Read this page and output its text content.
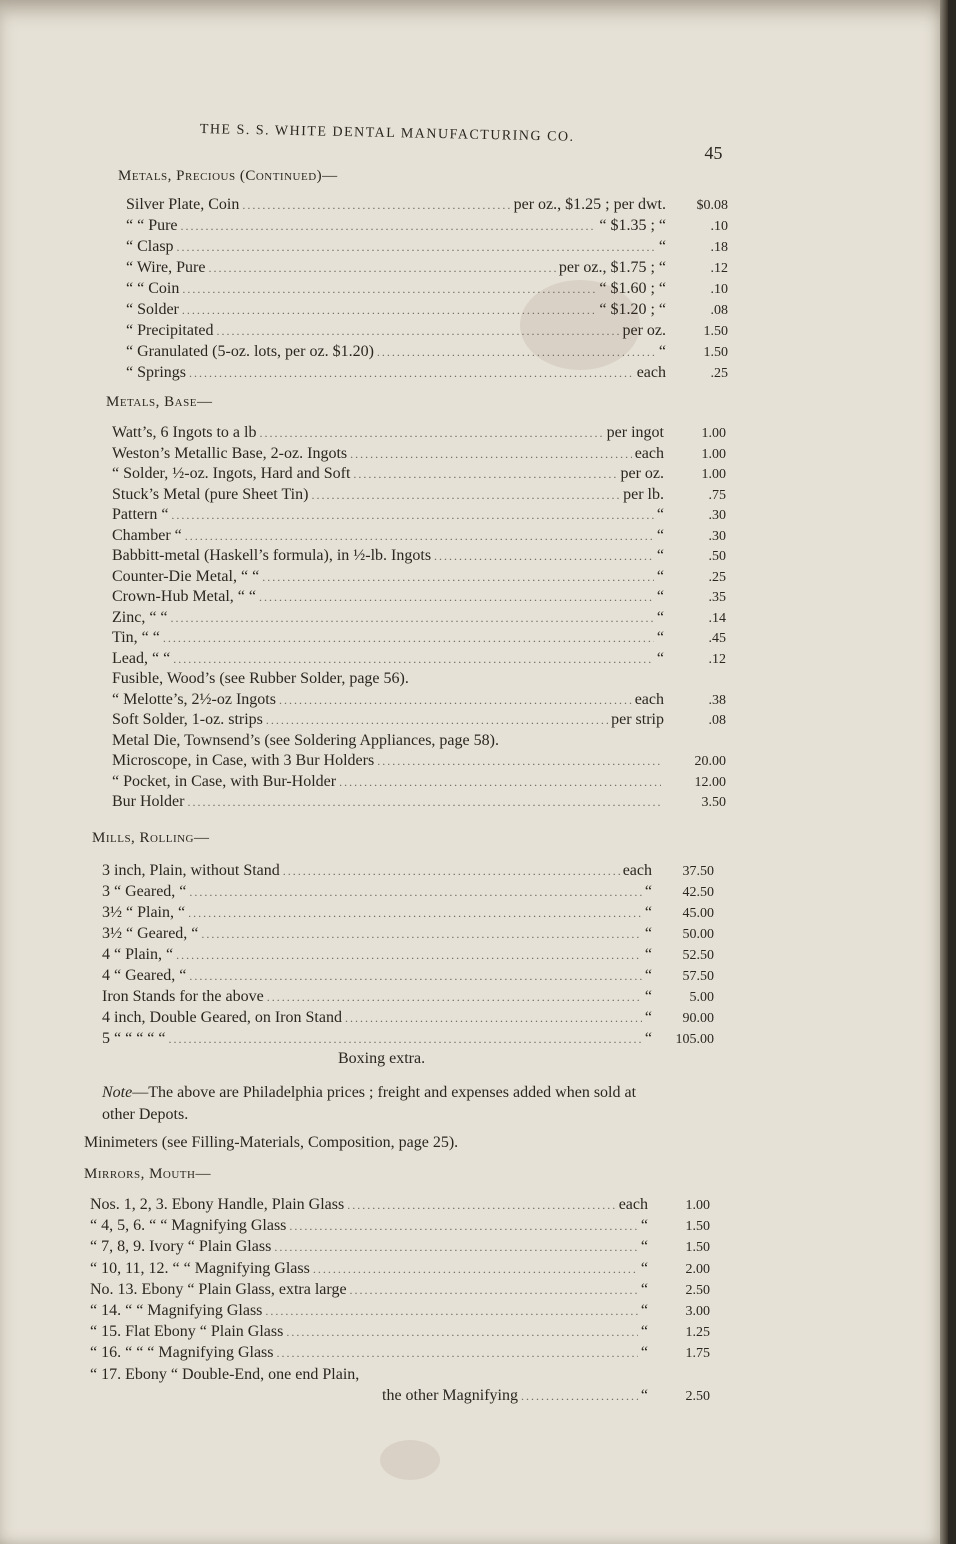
THE S. S. WHITE DENTAL MANUFACTURING CO.
45
Metals, Precious (Continued)—
Silver Plate, Coin .....	per oz., $1.25 ; per dwt.	$0.08
“ “ Pure .....	“ $1.35 ; “	.10
“ Clasp .....	“	.18
“ Wire, Pure .....	per oz., $1.75 ; “	.12
“ “ Coin .....	“ $1.60 ; “	.10
“ Solder .....	“ $1.20 ; “	.08
“ Precipitated .....	per oz.	1.50
“ Granulated (5-oz. lots, per oz. $1.20) .....	“	1.50
“ Springs .....	each	.25
Metals, Base—
Watt’s, 6 Ingots to a lb .....	per ingot	1.00
Weston’s Metallic Base, 2-oz. Ingots .....	each	1.00
“ Solder, ½-oz. Ingots, Hard and Soft .....	per oz.	1.00
Stuck’s Metal (pure Sheet Tin) .....	per lb.	.75
Pattern “ .....	“	.30
Chamber “ .....	“	.30
Babbitt-metal (Haskell’s formula), in ½-lb. Ingots .....	“	.50
Counter-Die Metal, “ “ .....	“	.25
Crown-Hub Metal, “ “ .....	“	.35
Zinc, “ “ .....	“	.14
Tin, “ “ .....	“	.45
Lead, “ “ .....	“	.12
Fusible, Wood’s (see Rubber Solder, page 56).
“ Melotte’s, 2½-oz Ingots .....	each	.38
Soft Solder, 1-oz. strips .....	per strip	.08
Metal Die, Townsend’s (see Soldering Appliances, page 58).
Microscope, in Case, with 3 Bur Holders .....	20.00
“ Pocket, in Case, with Bur-Holder .....	12.00
Bur Holder .....	3.50
Mills, Rolling—
3 inch, Plain, without Stand .....	each	37.50
3 “ Geared, “ .....	“	42.50
3½ “ Plain, “ .....	“	45.00
3½ “ Geared, “ .....	“	50.00
4 “ Plain, “ .....	“	52.50
4 “ Geared, “ .....	“	57.50
Iron Stands for the above .....	“	5.00
4 inch, Double Geared, on Iron Stand .....	“	90.00
5 “ “ “ “ “ .....	“	105.00
Boxing extra.
Note—The above are Philadelphia prices ; freight and expenses added when sold at other Depots.
Minimeters (see Filling-Materials, Composition, page 25).
Mirrors, Mouth—
Nos. 1, 2, 3. Ebony Handle, Plain Glass .....	each	1.00
“ 4, 5, 6. “ “ Magnifying Glass .....	“	1.50
“ 7, 8, 9. Ivory “ Plain Glass .....	“	1.50
“ 10, 11, 12. “ “ Magnifying Glass .....	“	2.00
No. 13. Ebony “ Plain Glass, extra large .....	“	2.50
“ 14. “ “ Magnifying Glass .....	“	3.00
“ 15. Flat Ebony “ Plain Glass .....	“	1.25
“ 16. “ “ “ Magnifying Glass .....	“	1.75
“ 17. Ebony “ Double-End, one end Plain,
the other Magnifying .....	“	2.50
